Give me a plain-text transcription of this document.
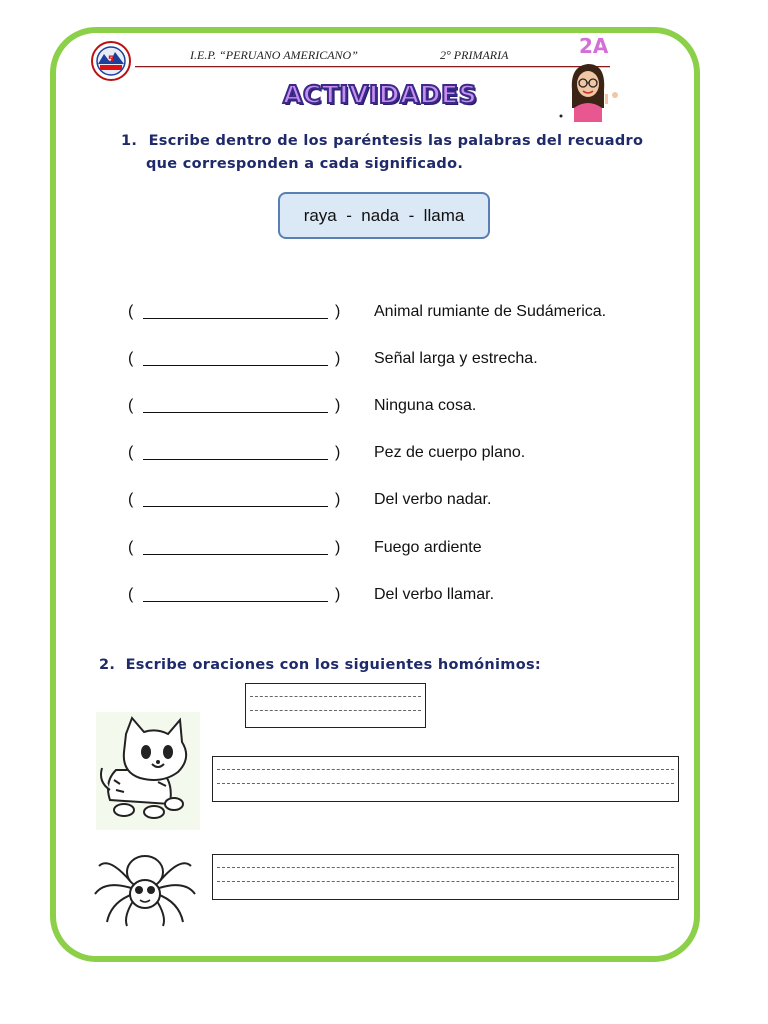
5	I.E.P. “PERUANO AMERICANO”	2° PRIMARIA	2A
ACTIVIDADES
1. Escribe dentro de los paréntesis las palabras del recuadro
que corresponden a cada significado.
raya  -  nada  -  llama
(	) Animal rumiante de Sudámerica.
(	) Señal larga y estrecha.
(	) Ninguna cosa.
(	) Pez de cuerpo plano.
(	) Del verbo nadar.
(	) Fuego ardiente
(	) Del verbo llamar.
2. Escribe oraciones con los siguientes homónimos:
